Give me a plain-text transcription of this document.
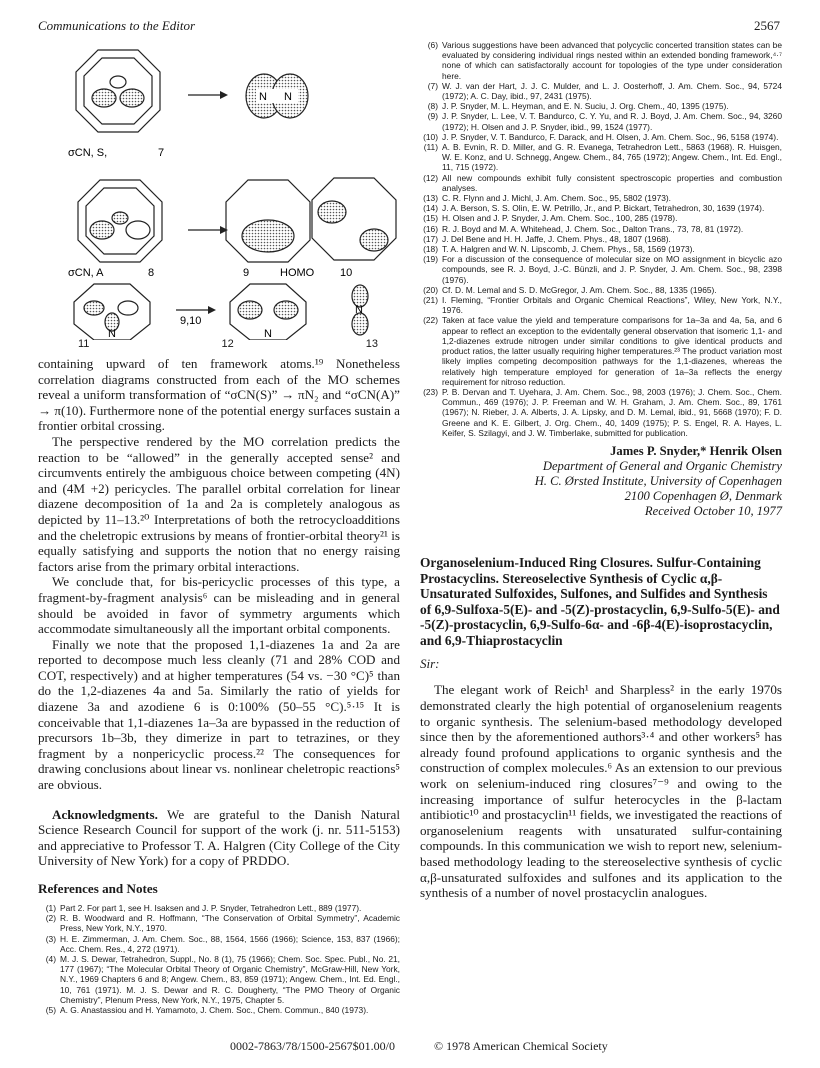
Communications to the Editor	2567
N N
σCN, S,	7
σCN, A	8	9	HOMO 10
N
9,10
N
N
11	12	13

containing upward of ten framework atoms.¹⁹ Nonetheless correlation diagrams constructed from each of the MO schemes reveal a uniform transformation of “σCN(S)” → πN₂ and “σCN(A)” → π(10). Furthermore none of the potential energy surfaces sustain a frontier orbital crossing.

The perspective rendered by the MO correlation predicts the reaction to be “allowed” in the generally accepted sense² and circumvents entirely the ambiguous choice between competing (4N) and (4M +2) pericycles. The parallel orbital correlation for linear diazene decomposition of 1a and 2a is completely analogous as depicted by 11–13.²⁰ Interpretations of both the retrocycloadditions and the cheletropic extrusions by means of frontier-orbital theory²¹ is equally satisfying and supports the notion that no energy raising factors arise from the primary orbital interactions.

We conclude that, for bis-pericyclic processes of this type, a fragment-by-fragment analysis⁶ can be misleading and in general should be avoided in favor of symmetry arguments which accommodate simultaneously all the important orbital components.

Finally we note that the proposed 1,1-diazenes 1a and 2a are reported to decompose much less cleanly (71 and 28% COD and COT, respectively) and at higher temperatures (54 vs. −30 °C)⁵ than do the 1,2-diazenes 4a and 5a. Similarly the ratio of yields for diazene 3a and azodiene 6 is 0:100% (50–55 °C).⁵·¹⁵ It is conceivable that 1,1-diazenes 1a–3a are bypassed in the reduction of precursors 1b–3b, they dimerize in part to tetrazines, or they fragment by a nonpericyclic process.²² The consequences for drawing conclusions about linear vs. nonlinear cheletropic reactions⁵ are obvious.

Acknowledgments. We are grateful to the Danish Natural Science Research Council for support of the work (j. nr. 511-5153) and appreciative to Professor T. A. Halgren (City College of the City University of New York) for a copy of PRDDO.

References and Notes
(1) Part 2. For part 1, see H. Isaksen and J. P. Snyder, Tetrahedron Lett., 889 (1977).
(2) R. B. Woodward and R. Hoffmann, “The Conservation of Orbital Symmetry”, Academic Press, New York, N.Y., 1970.
(3) H. E. Zimmerman, J. Am. Chem. Soc., 88, 1564, 1566 (1966); Science, 153, 837 (1966); Acc. Chem. Res., 4, 272 (1971).
(4) M. J. S. Dewar, Tetrahedron, Suppl., No. 8 (1), 75 (1966); Chem. Soc. Spec. Publ., No. 21, 177 (1967); “The Molecular Orbital Theory of Organic Chemistry”, McGraw-Hill, New York, N.Y., 1969 Chapters 6 and 8; Angew. Chem., 83, 859 (1971); Angew. Chem., Int. Ed. Engl., 10, 761 (1971). M. J. S. Dewar and R. C. Dougherty, “The PMO Theory of Organic Chemistry”, Plenum Press, New York, N.Y., 1975, Chapter 5.
(5) A. G. Anastassiou and H. Yamamoto, J. Chem. Soc., Chem. Commun., 840 (1973).
(6) Various suggestions have been advanced that polycyclic concerted transition states can be evaluated by considering individual rings nested within an extended bonding framework,⁴·⁷ none of which can satisfactorally account for topologies of the type under consideration here.
(7) W. J. van der Hart, J. J. C. Mulder, and L. J. Oosterhoff, J. Am. Chem. Soc., 94, 5724 (1972); A. C. Day, ibid., 97, 2431 (1975).
(8) J. P. Snyder, M. L. Heyman, and E. N. Suciu, J. Org. Chem., 40, 1395 (1975).
(9) J. P. Snyder, L. Lee, V. T. Bandurco, C. Y. Yu, and R. J. Boyd, J. Am. Chem. Soc., 94, 3260 (1972); H. Olsen and J. P. Snyder, ibid., 99, 1524 (1977).
(10) J. P. Snyder, V. T. Bandurco, F. Darack, and H. Olsen, J. Am. Chem. Soc., 96, 5158 (1974).
(11) A. B. Evnin, R. D. Miller, and G. R. Evanega, Tetrahedron Lett., 5863 (1968). R. Huisgen, W. E. Konz, and U. Schnegg, Angew. Chem., 84, 765 (1972); Angew. Chem., Int. Ed. Engl., 11, 715 (1972).
(12) All new compounds exhibit fully consistent spectroscopic properties and combustion analyses.
(13) C. R. Flynn and J. Michl, J. Am. Chem. Soc., 95, 5802 (1973).
(14) J. A. Berson, S. S. Olin, E. W. Petrillo, Jr., and P. Bickart, Tetrahedron, 30, 1639 (1974).
(15) H. Olsen and J. P. Snyder, J. Am. Chem. Soc., 100, 285 (1978).
(16) R. J. Boyd and M. A. Whitehead, J. Chem. Soc., Dalton Trans., 73, 78, 81 (1972).
(17) J. Del Bene and H. H. Jaffe, J. Chem. Phys., 48, 1807 (1968).
(18) T. A. Halgren and W. N. Lipscomb, J. Chem. Phys., 58, 1569 (1973).
(19) For a discussion of the consequence of molecular size on MO assignment in bicyclic azo compounds, see R. J. Boyd, J.-C. Bünzli, and J. P. Snyder, J. Am. Chem. Soc., 98, 2398 (1976).
(20) Cf. D. M. Lemal and S. D. McGregor, J. Am. Chem. Soc., 88, 1335 (1965).
(21) I. Fleming, “Frontier Orbitals and Organic Chemical Reactions”, Wiley, New York, N.Y., 1976.
(22) Taken at face value the yield and temperature comparisons for 1a–3a and 4a, 5a, and 6 appear to reflect an exception to the evidentally general observation that isomeric 1,1- and 1,2-diazenes extrude nitrogen under similar conditions to give identical products and product ratios, the latter usually requiring higher temperatures.²³ The product variation most likely implies competing decomposition pathways for the 1,1-diazenes, whereas the relatively high temperature employed for generation of 1a–3a reflects the energy requirement for nitroso reduction.
(23) P. B. Dervan and T. Uyehara, J. Am. Chem. Soc., 98, 2003 (1976); J. Chem. Soc., Chem. Commun., 469 (1976); J. P. Freeman and W. H. Graham, J. Am. Chem. Soc., 89, 1761 (1967); N. Rieber, J. A. Alberts, J. A. Lipsky, and D. M. Lemal, ibid., 91, 5668 (1970); F. D. Greene and K. E. Gilbert, J. Org. Chem., 40, 1409 (1975); P. S. Engel, R. A. Hayes, L. Keifer, S. Szilagyi, and J. W. Timberlake, submitted for publication.
James P. Snyder,* Henrik Olsen
Department of General and Organic Chemistry
H. C. Ørsted Institute, University of Copenhagen
2100 Copenhagen Ø, Denmark
Received October 10, 1977
Organoselenium-Induced Ring Closures. Sulfur-Containing Prostacyclins. Stereoselective Synthesis of Cyclic α,β-Unsaturated Sulfoxides, Sulfones, and Sulfides and Synthesis of 6,9-Sulfoxa-5(E)- and -5(Z)-prostacyclin, 6,9-Sulfo-5(E)- and -5(Z)-prostacyclin, 6,9-Sulfo-6α- and -6β-4(E)-isoprostacyclin, and 6,9-Thiaprostacyclin
Sir:

The elegant work of Reich¹ and Sharpless² in the early 1970s demonstrated clearly the high potential of organoselenium reagents to organic synthesis. The selenium-based methodology developed since then by the aforementioned authors³·⁴ and other workers⁵ has already found profound applications to organic synthesis and the construction of complex molecules.⁶ As an extension to our previous work on selenium-induced ring closures⁷⁻⁹ and owing to the increasing importance of sulfur heterocycles in the β-lactam antibiotic¹⁰ and prostacyclin¹¹ fields, we investigated the reactions of organoselenium reagents with unsaturated sulfur-containing compounds. In this communication we wish to report new, selenium-based methodology leading to the stereoselective synthesis of cyclic α,β-unsaturated sulfoxides and sulfones and its application to the synthesis of a number of novel prostacyclin analogues.

0002-7863/78/1500-2567$01.00/0	© 1978 American Chemical Society
